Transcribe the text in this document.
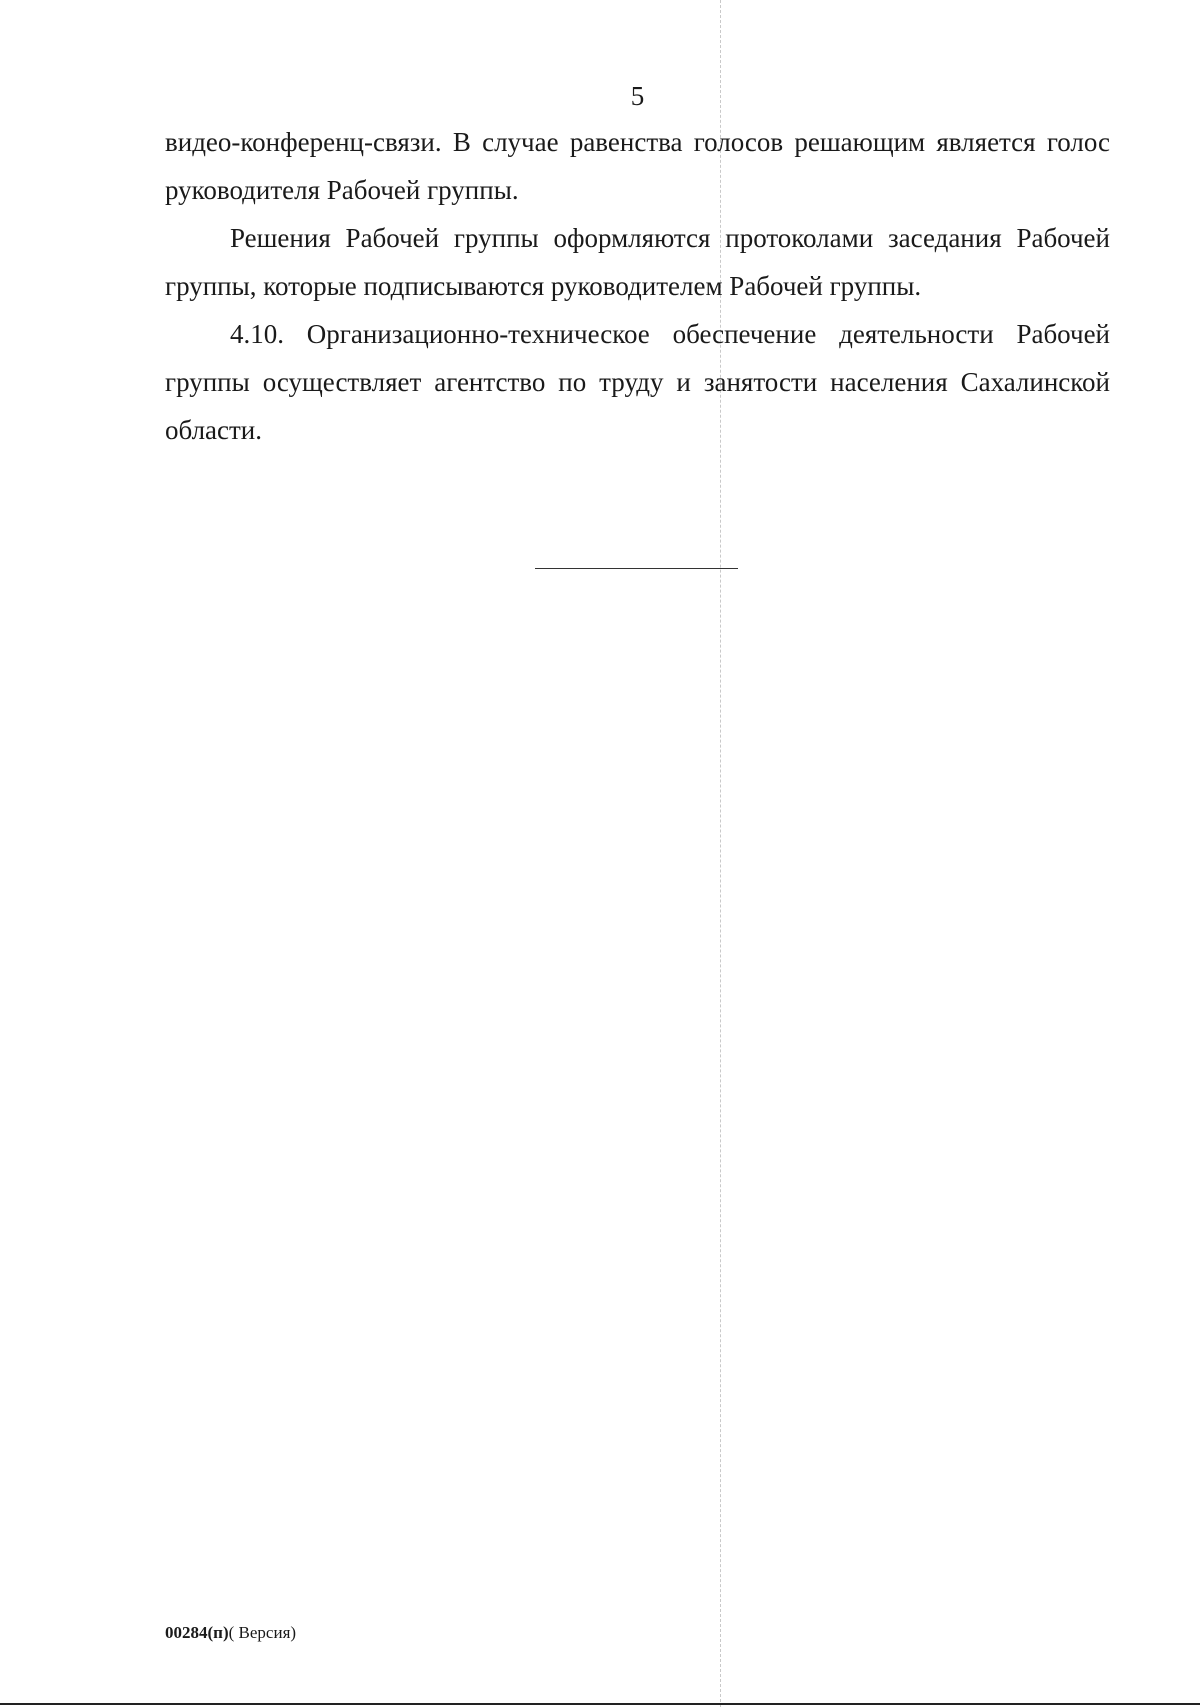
5

видео-конференц-связи. В случае равенства голосов решающим является голос руководителя Рабочей группы.

Решения Рабочей группы оформляются протоколами заседания Рабочей группы, которые подписываются руководителем Рабочей группы.

4.10. Организационно-техническое обеспечение деятельности Рабочей группы осуществляет агентство по труду и занятости населения Сахалинской области.

00284(п)( Версия)
